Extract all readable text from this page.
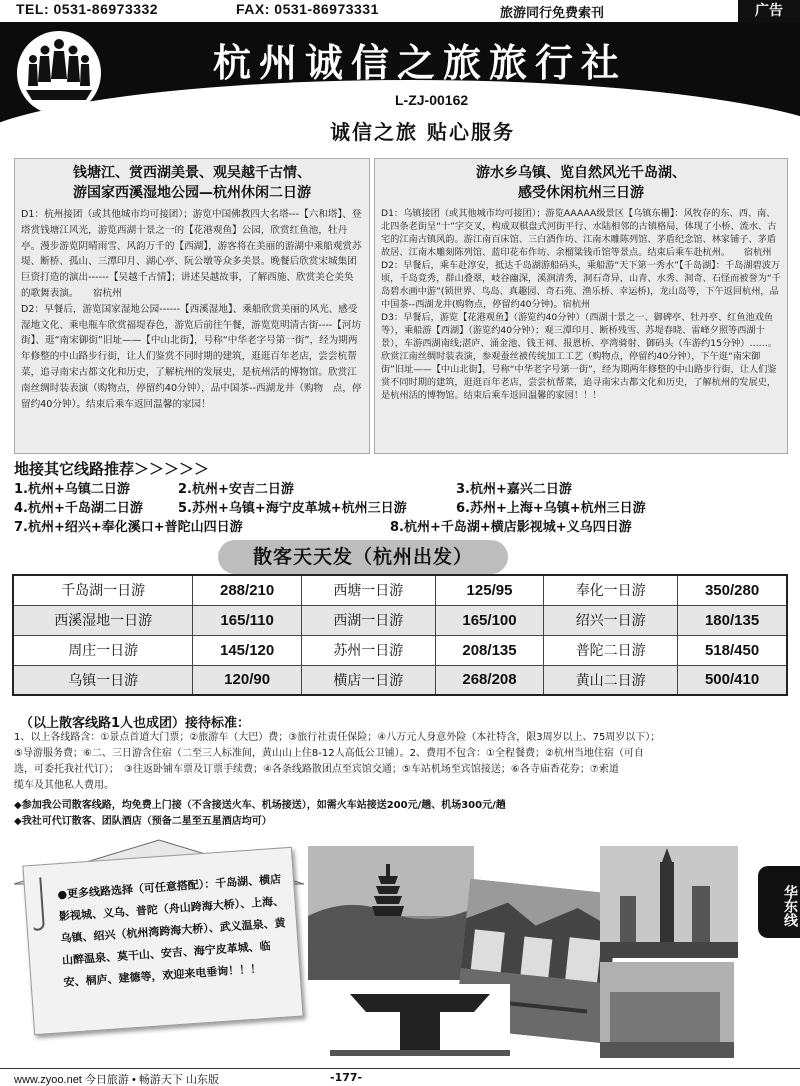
TEL: 0531-86973332	FAX: 0531-86973331	旅游同行免费索刊	广告
Integrity trip
诚信之旅
杭州诚信之旅旅行社
L-ZJ-00162
诚信之旅 贴心服务
钱塘江、赏西湖美景、观吴越千古情、
游国家西溪湿地公园—杭州休闲二日游
D1：杭州接团（或其他城市均可接团）；游览中国佛教四大名塔---【六和塔】、登塔赏钱塘江风光，游览西湖十景之一的【花港观鱼】公园，欣赏红鱼池，牡丹亭。漫步游览阴晴雨雪、风韵万千的【西湖】，游客将在美丽的游湖中乘船观赏苏堤、断桥、孤山、三潭印月、湖心亭、阮公墩等众多美景。晚餐后欣赏宋城集团巨资打造的演出------【吴越千古情】；讲述吴越故事，了解西施、欣赏美仑美奂的歌舞表演。　　宿杭州
D2：早餐后，游览国家湿地公园------【西溪湿地】、乘船欣赏美丽的风光、感受湿地文化、乘电瓶车欣赏福堤春色，游览后前往午餐，游览览明清古街----【河坊街】、逛“南宋御街”旧址——【中山北街】，号称“中华老字号第一街”，经为期两年修整的中山路步行街，让人们鉴赏不同时期的建筑，逛逛百年老店，尝尝杭帮菜，追寻南宋古都文化和历史，了解杭州的发展史，是杭州活的博物馆。欣赏江南丝绸时装表演（购物点，停留约40分钟），品中国茶--西湖龙井（购物　点，停留约40分钟）。结束后乘车返回温馨的家园！
游水乡乌镇、览自然风光千岛湖、
感受休闲杭州三日游
D1：乌镇接团（或其他城市均可接团）；游览AAAAA级景区【乌镇东栅】：风牧存的东、西、南、北四条老街呈“十”字交叉，构成双棋盘式河街平行、水陆相邻的古镇格局，体现了小桥、流水、古宅的江南古镇风韵。游江南百床馆、三白酒作坊、江南木雕陈列馆、茅盾纪念馆、林家铺子、茅盾故居、江南木雕刻陈列馆、蓝印花布作坊、余榴粱钱币馆等景点。结束后乘车赴杭州。　　宿杭州
D2：早餐后，乘车赴淳安，抵达千岛湖游船码头，乘船游“天下第一秀水”【千岛湖】：千岛湖碧波万顷，千岛竟秀，群山叠翠，岐谷幽深，溪涧清秀，洞石奇异，山青、水秀、洞奇、石怪而被誉为“千岛碧水画中游”(锁世界、鸟岛、真趣园、奇石苑、渔乐桥、幸运桥)，龙山岛等，下午返回杭州，品中国茶--西湖龙井(购物点，停留约40分钟)。宿杭州
D3：早餐后，游览【花港观鱼】（游览约40分钟）（西湖十景之一、御碑亭、牡丹亭、红鱼池戏鱼等），乘船游【西湖】（游览约40分钟）；观三潭印月、断桥残雪、苏堤春晓、雷峰夕照等西湖十景），车游西湖南线;湛庐、涌金池、钱王祠、报恩桥、亭湾骑射、御码头（车游约15分钟）……。欣赏江南丝绸时装表演，参观蚕丝被传统加工工艺（购物点，停留约40分钟），下午逛“南宋御街”旧址——【中山北街】，号称“中华老字号第一街”，经为期两年修整的中山路步行街，让人们鉴赏不同时期的建筑，逛逛百年老店，尝尝杭帮菜，追寻南宋古都文化和历史，了解杭州的发展史，是杭州活的博物馆。结束后乘车返回温馨的家园！！！
地接其它线路推荐＞＞＞＞＞
1.杭州+乌镇二日游	2.杭州+安吉二日游	3.杭州+嘉兴二日游
4.杭州+千岛湖二日游	5.苏州+乌镇+海宁皮革城+杭州三日游	6.苏州+上海+乌镇+杭州三日游
7.杭州+绍兴+奉化溪口+普陀山四日游	8.杭州+千岛湖+横店影视城+义乌四日游
散客天天发（杭州出发）
千岛湖一日游	288/210	西塘一日游	125/95	奉化一日游	350/280
西溪湿地一日游	165/110	西湖一日游	165/100	绍兴一日游	180/135
周庄一日游	145/120	苏州一日游	208/135	普陀二日游	518/450
乌镇一日游	120/90	横店一日游	268/208	黄山二日游	500/410
（以上散客线路1人也成团）接待标准：
1、以上各线路含：①景点首道大门票；②旅游车（大巴）费；③旅行社责任保险；④八万元人身意外险（本社特含，限3周岁以上、75周岁以下）；
⑤导游服务费；⑥二、三日游含住宿（二至三人标准间，黄山山上住8-12人高低公卫铺）。2、费用不包含：①全程餐费；②杭州当地住宿（可自
选，可委托我社代订）；　③往返卧铺车票及订票手续费；④各条线路散团点至宾馆交通；⑤车站机场至宾馆接送；⑥各寺庙香花券；⑦索道
缆车及其他私人费用。
◆参加我公司散客线路，均免费上门接（不含接送火车、机场接送），如需火车站接送200元/趟、机场300元/趟
◆我社可代订散客、团队酒店（预备二星至五星酒店均可）
●更多线路选择（可任意搭配）：千岛湖、横店影视城、义乌、普陀（舟山跨海大桥）、上海、乌镇、绍兴（杭州湾跨海大桥）、武义温泉、黄山醉温泉、莫干山、安吉、海宁皮革城、临安、桐庐、建德等，欢迎来电垂询！！！
华东线
www.zyoo.net 今日旅游 • 畅游天下 山东版	-177-
